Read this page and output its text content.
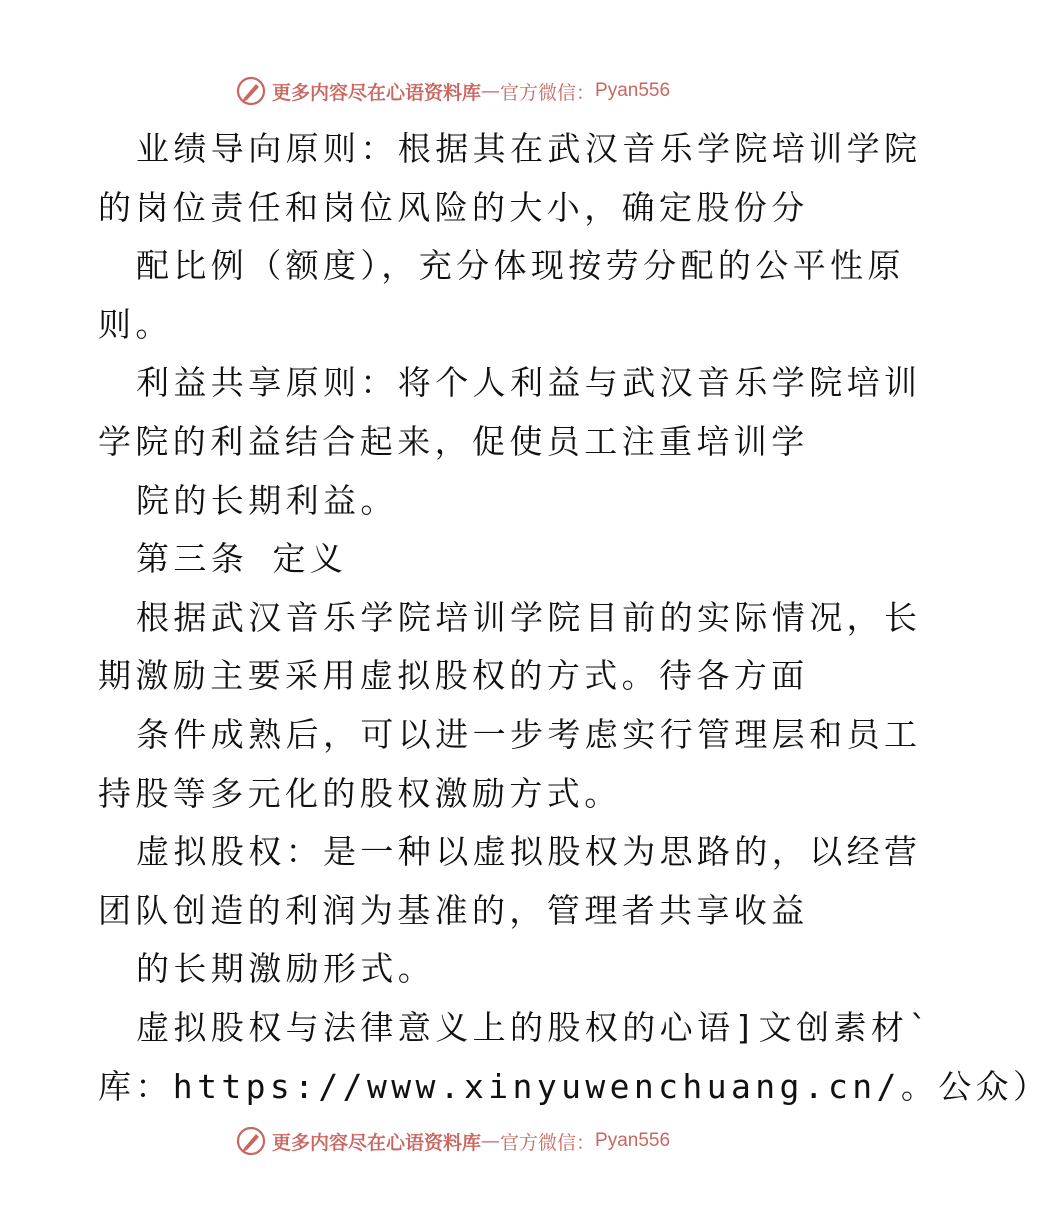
更多内容尽在心语资料库 — 官方微信： Pyan556
业绩导向原则：根据其在武汉音乐学院培训学院
的岗位责任和岗位风险的大小，确定股份分
配比例（额度），充分体现按劳分配的公平性原
则。
利益共享原则：将个人利益与武汉音乐学院培训
学院的利益结合起来，促使员工注重培训学
院的长期利益。
第三条 定义
根据武汉音乐学院培训学院目前的实际情况，长
期激励主要采用虚拟股权的方式。待各方面
条件成熟后，可以进一步考虑实行管理层和员工
持股等多元化的股权激励方式。
虚拟股权：是一种以虚拟股权为思路的，以经营
团队创造的利润为基准的，管理者共享收益
的长期激励形式。
虚拟股权与法律意义上的股权的心语]文创素材`
库：https://www.xinyuwenchuang.cn/。公众）
更多内容尽在心语资料库 — 官方微信： Pyan556
